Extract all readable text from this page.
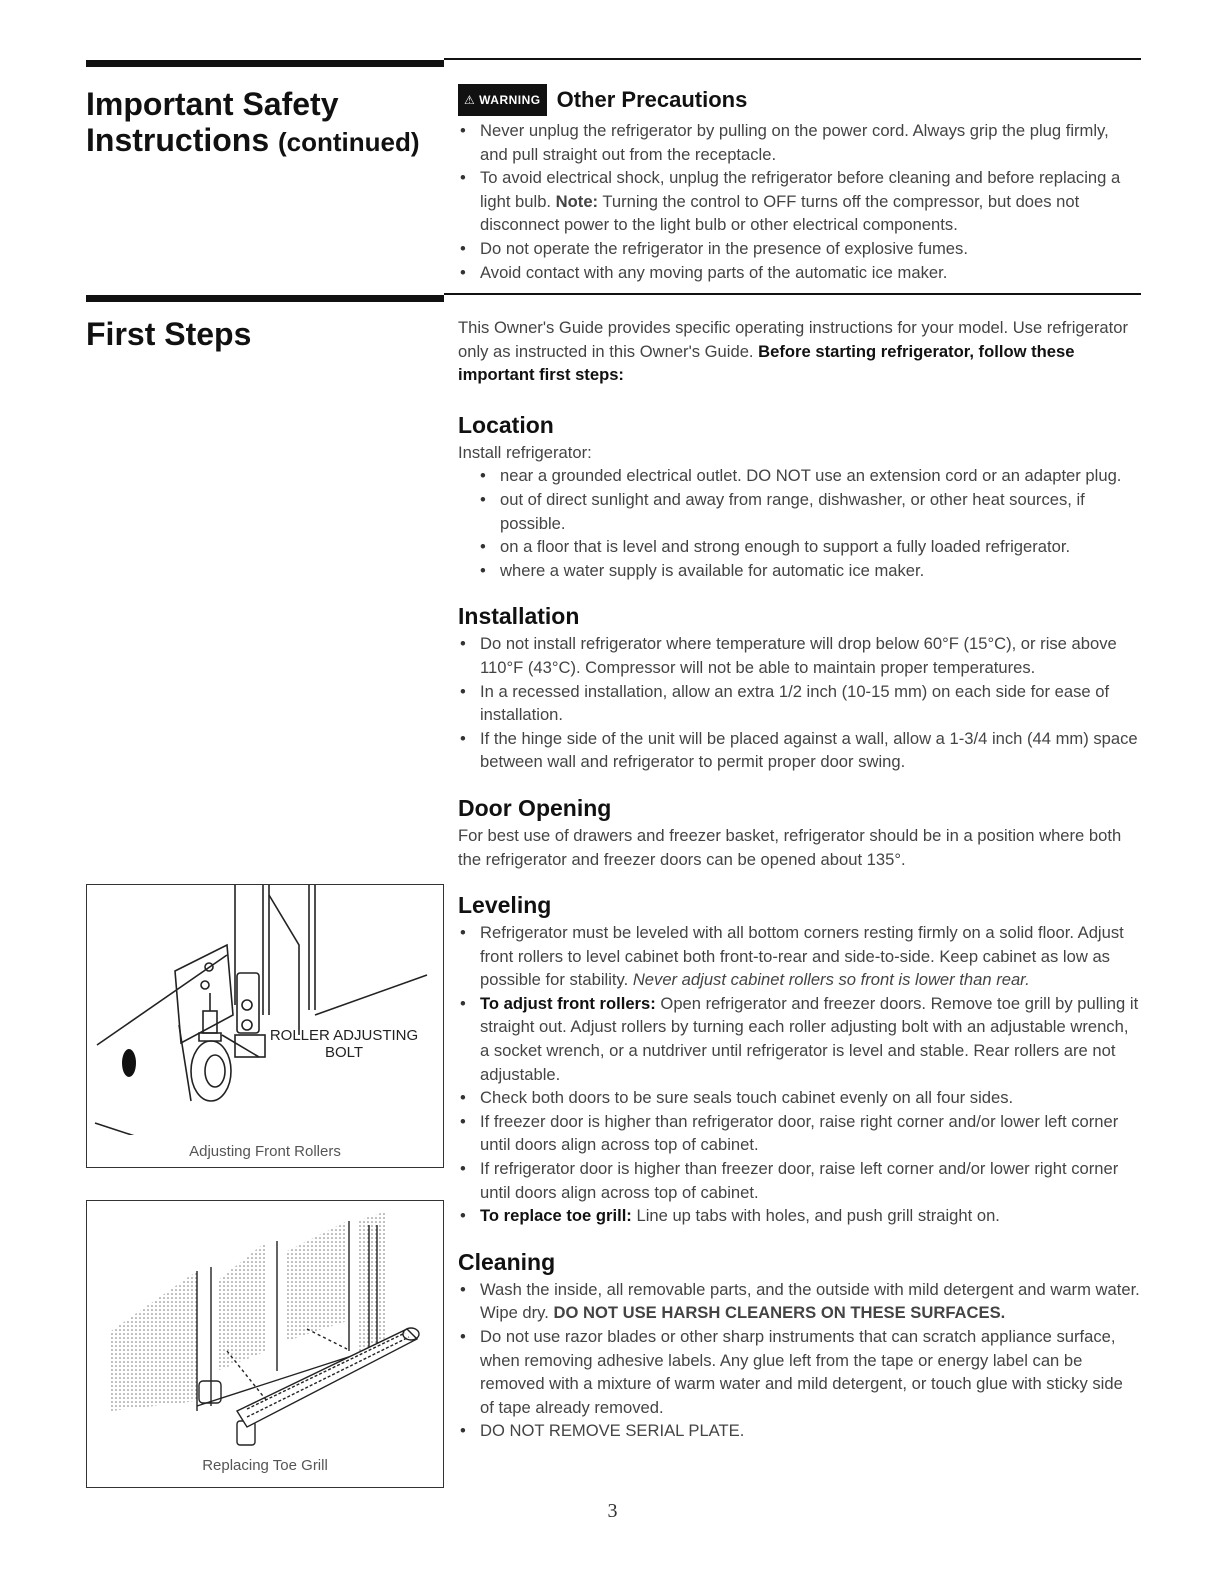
Important Safety
Instructions (continued)
⚠ WARNING Other Precautions
• Never unplug the refrigerator by pulling on the power cord. Always grip the plug firmly, and pull straight out from the receptacle.
• To avoid electrical shock, unplug the refrigerator before cleaning and before replacing a light bulb. Note: Turning the control to OFF turns off the compressor, but does not disconnect power to the light bulb or other electrical components.
• Do not operate the refrigerator in the presence of explosive fumes.
• Avoid contact with any moving parts of the automatic ice maker.
First Steps	This Owner's Guide provides specific operating instructions for your model. Use refrigerator only as instructed in this Owner's Guide. Before starting refrigerator, follow these important first steps:

Location

Install refrigerator:

• near a grounded electrical outlet. DO NOT use an extension cord or an adapter plug.
• out of direct sunlight and away from range, dishwasher, or other heat sources, if possible.
• on a floor that is level and strong enough to support a fully loaded refrigerator.
• where a water supply is available for automatic ice maker.
Installation
• Do not install refrigerator where temperature will drop below 60°F (15°C), or rise above 110°F (43°C). Compressor will not be able to maintain proper temperatures.
• In a recessed installation, allow an extra 1/2 inch (10-15 mm) on each side for ease of installation.
• If the hinge side of the unit will be placed against a wall, allow a 1-3/4 inch (44 mm) space between wall and refrigerator to permit proper door swing.
Door Opening

For best use of drawers and freezer basket, refrigerator should be in a position where both the refrigerator and freezer doors can be opened about 135°.

Leveling
• Refrigerator must be leveled with all bottom corners resting firmly on a solid floor. Adjust front rollers to level cabinet both front-to-rear and side-to-side. Keep cabinet as low as possible for stability. Never adjust cabinet rollers so front is lower than rear.
• To adjust front rollers: Open refrigerator and freezer doors. Remove toe grill by pulling it straight out. Adjust rollers by turning each roller adjusting bolt with an adjustable wrench, a socket wrench, or a nutdriver until refrigerator is level and stable. Rear rollers are not adjustable.
• Check both doors to be sure seals touch cabinet evenly on all four sides.
• If freezer door is higher than refrigerator door, raise right corner and/or lower left corner until doors align across top of cabinet.
• If refrigerator door is higher than freezer door, raise left corner and/or lower right corner until doors align across top of cabinet.
• To replace toe grill: Line up tabs with holes, and push grill straight on.
Cleaning
• Wash the inside, all removable parts, and the outside with mild detergent and warm water. Wipe dry. DO NOT USE HARSH CLEANERS ON THESE SURFACES.
• Do not use razor blades or other sharp instruments that can scratch appliance surface, when removing adhesive labels. Any glue left from the tape or energy label can be removed with a mixture of warm water and mild detergent, or touch glue with sticky side of tape already removed.
• DO NOT REMOVE SERIAL PLATE.
ROLLER ADJUSTING
BOLT
Adjusting Front Rollers
Replacing Toe Grill
3
